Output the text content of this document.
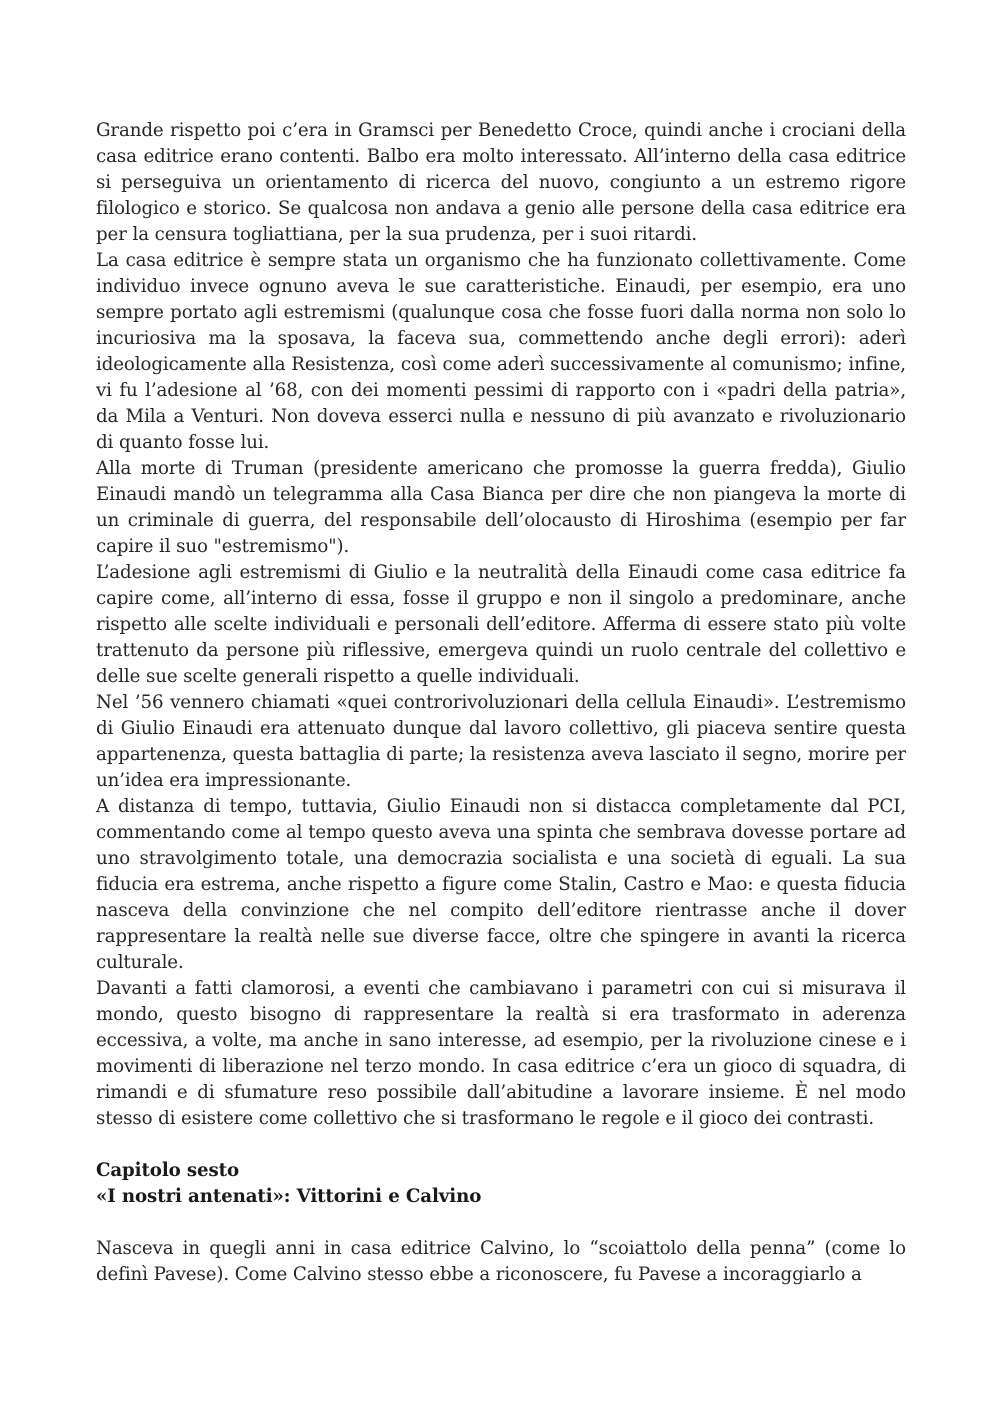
Grande rispetto poi c’era in Gramsci per Benedetto Croce, quindi anche i crociani della casa editrice erano contenti. Balbo era molto interessato. All’interno della casa editrice si perseguiva un orientamento di ricerca del nuovo, congiunto a un estremo rigore filologico e storico. Se qualcosa non andava a genio alle persone della casa editrice era per la censura togliattiana, per la sua prudenza, per i suoi ritardi.

La casa editrice è sempre stata un organismo che ha funzionato collettivamente. Come individuo invece ognuno aveva le sue caratteristiche. Einaudi, per esempio, era uno sempre portato agli estremismi (qualunque cosa che fosse fuori dalla norma non solo lo incuriosiva ma la sposava, la faceva sua, commettendo anche degli errori): aderì ideologicamente alla Resistenza, così come aderì successivamente al comunismo; infine, vi fu l’adesione al ’68, con dei momenti pessimi di rapporto con i «padri della patria», da Mila a Venturi. Non doveva esserci nulla e nessuno di più avanzato e rivoluzionario di quanto fosse lui.

Alla morte di Truman (presidente americano che promosse la guerra fredda), Giulio Einaudi mandò un telegramma alla Casa Bianca per dire che non piangeva la morte di un criminale di guerra, del responsabile dell’olocausto di Hiroshima (esempio per far capire il suo "estremismo").

L’adesione agli estremismi di Giulio e la neutralità della Einaudi come casa editrice fa capire come, all’interno di essa, fosse il gruppo e non il singolo a predominare, anche rispetto alle scelte individuali e personali dell’editore. Afferma di essere stato più volte trattenuto da persone più riflessive, emergeva quindi un ruolo centrale del collettivo e delle sue scelte generali rispetto a quelle individuali.

Nel ’56 vennero chiamati «quei controrivoluzionari della cellula Einaudi». L’estremismo di Giulio Einaudi era attenuato dunque dal lavoro collettivo, gli piaceva sentire questa appartenenza, questa battaglia di parte; la resistenza aveva lasciato il segno, morire per un’idea era impressionante.

A distanza di tempo, tuttavia, Giulio Einaudi non si distacca completamente dal PCI, commentando come al tempo questo aveva una spinta che sembrava dovesse portare ad uno stravolgimento totale, una democrazia socialista e una società di eguali. La sua fiducia era estrema, anche rispetto a figure come Stalin, Castro e Mao: e questa fiducia nasceva della convinzione che nel compito dell’editore rientrasse anche il dover rappresentare la realtà nelle sue diverse facce, oltre che spingere in avanti la ricerca culturale.

Davanti a fatti clamorosi, a eventi che cambiavano i parametri con cui si misurava il mondo, questo bisogno di rappresentare la realtà si era trasformato in aderenza eccessiva, a volte, ma anche in sano interesse, ad esempio, per la rivoluzione cinese e i movimenti di liberazione nel terzo mondo. In casa editrice c’era un gioco di squadra, di rimandi e di sfumature reso possibile dall’abitudine a lavorare insieme. È nel modo stesso di esistere come collettivo che si trasformano le regole e il gioco dei contrasti.

Capitolo sesto
«I nostri antenati»: Vittorini e Calvino

Nasceva in quegli anni in casa editrice Calvino, lo “scoiattolo della penna” (come lo definì Pavese). Come Calvino stesso ebbe a riconoscere, fu Pavese a incoraggiarlo a
